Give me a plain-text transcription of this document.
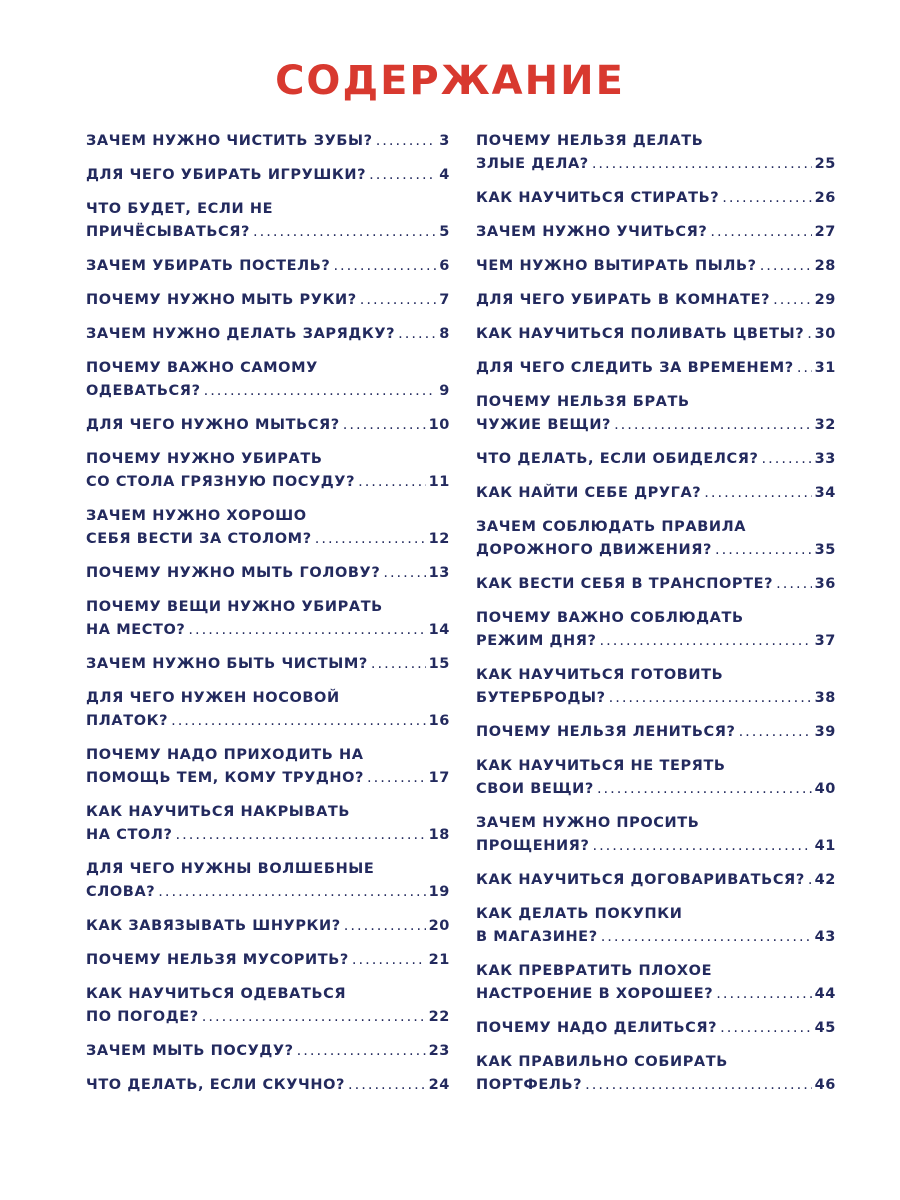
СОДЕРЖАНИЕ
ЗАЧЕМ НУЖНО ЧИСТИТЬ ЗУБЫ? .....	3
ДЛЯ ЧЕГО УБИРАТЬ ИГРУШКИ? .....	4
ЧТО БУДЕТ, ЕСЛИ НЕ
ПРИЧЁСЫВАТЬСЯ? .....	5
ЗАЧЕМ УБИРАТЬ ПОСТЕЛЬ? .....	6
ПОЧЕМУ НУЖНО МЫТЬ РУКИ? .....	7
ЗАЧЕМ НУЖНО ДЕЛАТЬ ЗАРЯДКУ? .....	8
ПОЧЕМУ ВАЖНО САМОМУ
ОДЕВАТЬСЯ? .....	9
ДЛЯ ЧЕГО НУЖНО МЫТЬСЯ? .....	10
ПОЧЕМУ НУЖНО УБИРАТЬ
СО СТОЛА ГРЯЗНУЮ ПОСУДУ? .....	11
ЗАЧЕМ НУЖНО ХОРОШО
СЕБЯ ВЕСТИ ЗА СТОЛОМ? .....	12
ПОЧЕМУ НУЖНО МЫТЬ ГОЛОВУ? .....	13
ПОЧЕМУ ВЕЩИ НУЖНО УБИРАТЬ
НА МЕСТО? .....	14
ЗАЧЕМ НУЖНО БЫТЬ ЧИСТЫМ? .....	15
ДЛЯ ЧЕГО НУЖЕН НОСОВОЙ
ПЛАТОК? .....	16
ПОЧЕМУ НАДО ПРИХОДИТЬ НА
ПОМОЩЬ ТЕМ, КОМУ ТРУДНО? .....	17
КАК НАУЧИТЬСЯ НАКРЫВАТЬ
НА СТОЛ? .....	18
ДЛЯ ЧЕГО НУЖНЫ ВОЛШЕБНЫЕ
СЛОВА? .....	19
КАК ЗАВЯЗЫВАТЬ ШНУРКИ? .....	20
ПОЧЕМУ НЕЛЬЗЯ МУСОРИТЬ? .....	21
КАК НАУЧИТЬСЯ ОДЕВАТЬСЯ
ПО ПОГОДЕ? .....	22
ЗАЧЕМ МЫТЬ ПОСУДУ? .....	23
ЧТО ДЕЛАТЬ, ЕСЛИ СКУЧНО? .....	24
ПОЧЕМУ НЕЛЬЗЯ ДЕЛАТЬ
ЗЛЫЕ ДЕЛА? .....	25
КАК НАУЧИТЬСЯ СТИРАТЬ? .....	26
ЗАЧЕМ НУЖНО УЧИТЬСЯ? .....	27
ЧЕМ НУЖНО ВЫТИРАТЬ ПЫЛЬ? .....	28
ДЛЯ ЧЕГО УБИРАТЬ В КОМНАТЕ? .....	29
КАК НАУЧИТЬСЯ ПОЛИВАТЬ ЦВЕТЫ? ..... 30
ДЛЯ ЧЕГО СЛЕДИТЬ ЗА ВРЕМЕНЕМ? ..... 31
ПОЧЕМУ НЕЛЬЗЯ БРАТЬ
ЧУЖИЕ ВЕЩИ? .....	32
ЧТО ДЕЛАТЬ, ЕСЛИ ОБИДЕЛСЯ? .....	33
КАК НАЙТИ СЕБЕ ДРУГА? .....	34
ЗАЧЕМ СОБЛЮДАТЬ ПРАВИЛА
ДОРОЖНОГО ДВИЖЕНИЯ? .....	35
КАК ВЕСТИ СЕБЯ В ТРАНСПОРТЕ? .....	36
ПОЧЕМУ ВАЖНО СОБЛЮДАТЬ
РЕЖИМ ДНЯ? .....	37
КАК НАУЧИТЬСЯ ГОТОВИТЬ
БУТЕРБРОДЫ? .....	38
ПОЧЕМУ НЕЛЬЗЯ ЛЕНИТЬСЯ? .....	39
КАК НАУЧИТЬСЯ НЕ ТЕРЯТЬ
СВОИ ВЕЩИ? .....	40
ЗАЧЕМ НУЖНО ПРОСИТЬ
ПРОЩЕНИЯ? .....	41
КАК НАУЧИТЬСЯ ДОГОВАРИВАТЬСЯ? ..... 42
КАК ДЕЛАТЬ ПОКУПКИ
В МАГАЗИНЕ? .....	43
КАК ПРЕВРАТИТЬ ПЛОХОЕ
НАСТРОЕНИЕ В ХОРОШЕЕ? .....	44
ПОЧЕМУ НАДО ДЕЛИТЬСЯ? .....	45
КАК ПРАВИЛЬНО СОБИРАТЬ
ПОРТФЕЛЬ? .....	46
